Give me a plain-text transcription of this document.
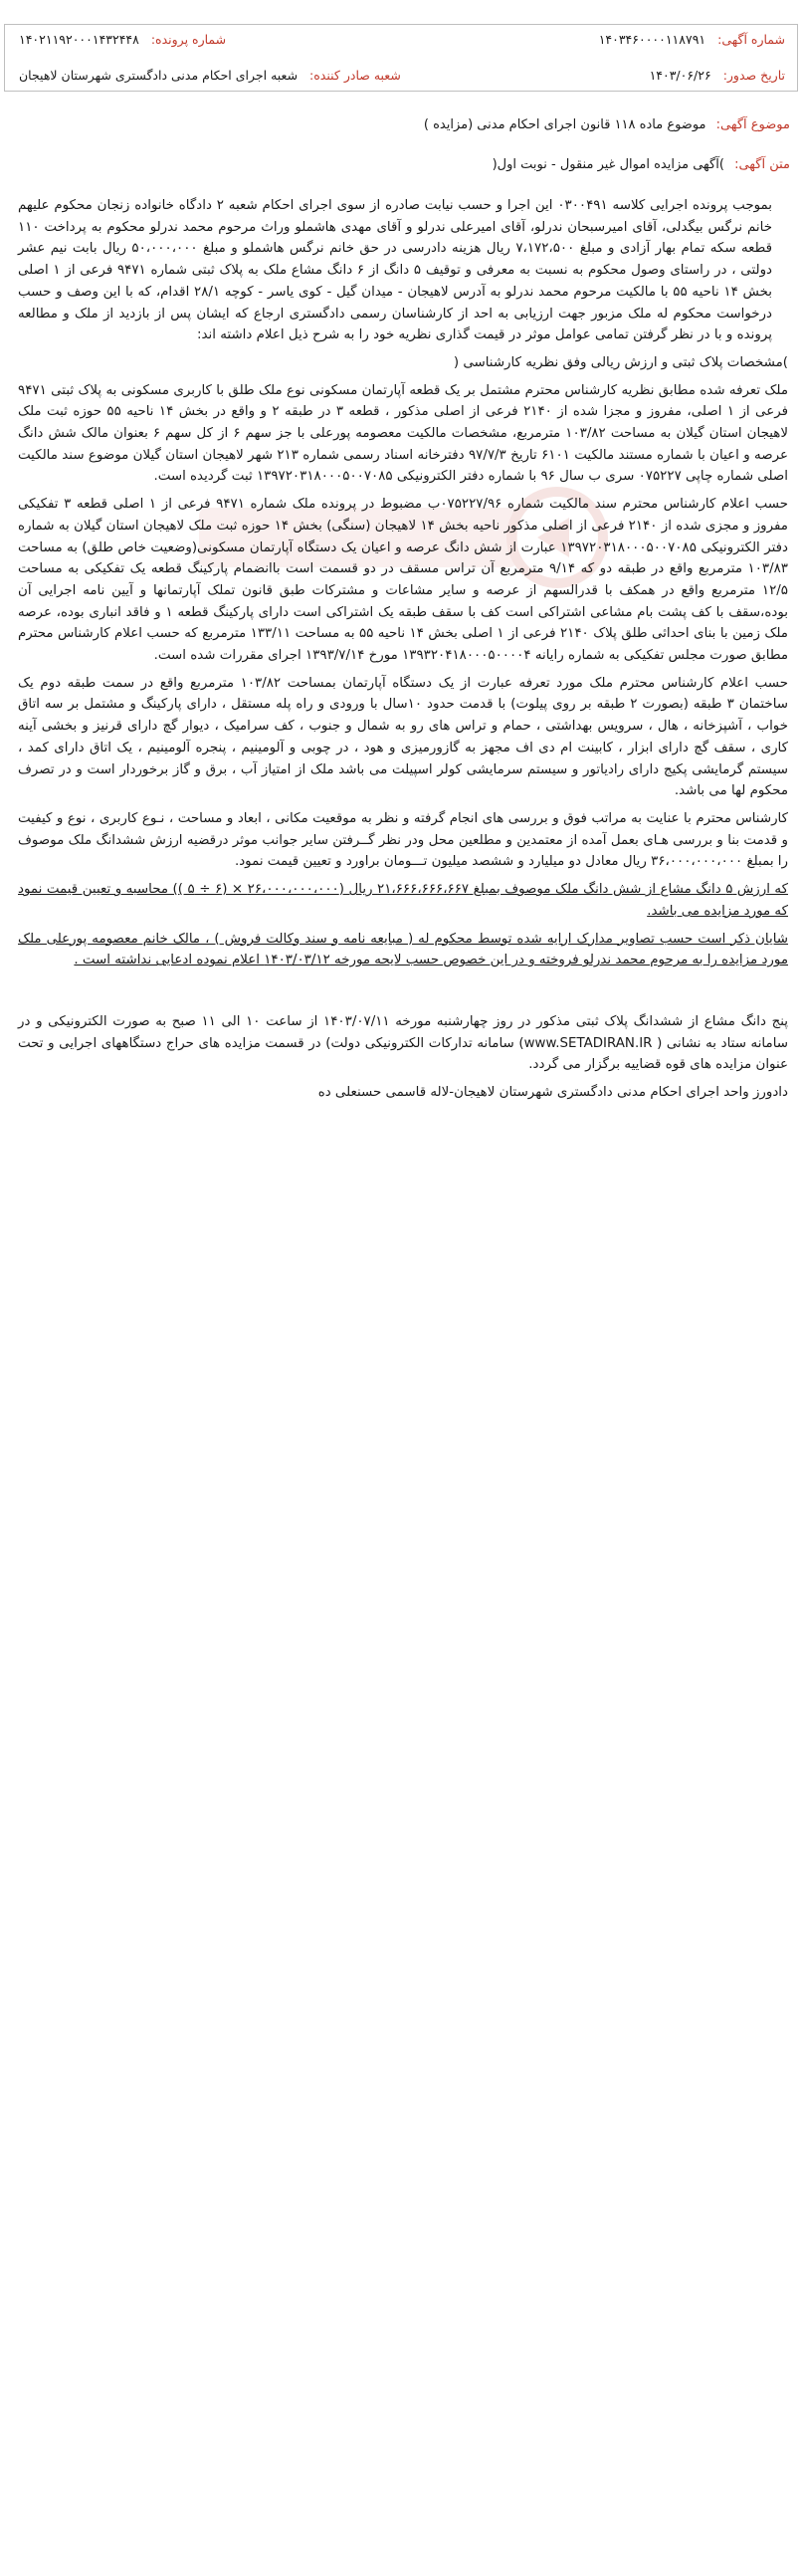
شماره آگهی: ۱۴۰۳۴۶۰۰۰۰۱۱۸۷۹۱
شماره پرونده: ۱۴۰۲۱۱۹۲۰۰۰۱۴۳۲۴۴۸
تاریخ صدور: ۱۴۰۳/۰۶/۲۶
شعبه صادر کننده: شعبه اجرای احکام مدنی دادگستری شهرستان لاهیجان
موضوع آگهی: موضوع ماده ۱۱۸ قانون اجرای احکام مدنی (مزایده )
متن آگهی: )آگهی مزایده اموال غیر منقول - نوبت اول(

بموجب پرونده اجرایی کلاسه ۰۳۰۰۴۹۱ این اجرا و حسب نیابت صادره از سوی اجرای احکام شعبه ۲ دادگاه خانواده زنجان محکوم علیهم خانم نرگس بیگدلی، آقای امیرسبحان ندرلو، آقای امیرعلی ندرلو و آقای مهدی هاشملو وراث مرحوم محمد ندرلو محکوم به پرداخت ۱۱۰ قطعه سکه تمام بهار آزادی و مبلغ ۷،۱۷۲،۵۰۰ ریال هزینه دادرسی در حق خانم نرگس هاشملو و مبلغ ۵۰،۰۰۰،۰۰۰ ریال بابت نیم عشر دولتی ، در راستای وصول محکوم به نسبت به معرفی و توقیف ۵ دانگ از ۶ دانگ مشاع ملک به پلاک ثبتی شماره ۹۴۷۱ فرعی از ۱ اصلی بخش ۱۴ ناحیه ۵۵ با مالکیت مرحوم محمد ندرلو به آدرس لاهیجان - میدان گیل - کوی یاسر - کوچه ۲۸/۱ اقدام، که با این وصف و حسب درخواست محکوم له ملک مزبور جهت ارزیابی به احد از کارشناسان رسمی دادگستری ارجاع که ایشان پس از بازدید از ملک و مطالعه پرونده و با در نظر گرفتن تمامی عوامل موثر در قیمت گذاری نظریه خود را به شرح ذیل اعلام داشته اند:

)مشخصات پلاک ثبتی و ارزش ریالی وفق نظریه کارشناسی (

ملک تعرفه شده مطابق نظریه کارشناس محترم مشتمل بر یک قطعه آپارتمان مسکونی نوع ملک طلق با کاربری مسکونی به پلاک ثبتی ۹۴۷۱ فرعی از ۱ اصلی، مفروز و مجزا شده از ۲۱۴۰ فرعی از اصلی مذکور ، قطعه ۳ در طبقه ۲ و واقع در بخش ۱۴ ناحیه ۵۵ حوزه ثبت ملک لاهیجان استان گیلان به مساحت ۱۰۳/۸۲ مترمربع، مشخصات مالکیت معصومه پورعلی با جز سهم ۶ از کل سهم ۶ بعنوان مالک شش دانگ عرصه و اعیان با شماره مستند مالکیت ۶۱۰۱ تاریخ ۹۷/۷/۳ دفترخانه اسناد رسمی شماره ۲۱۳ شهر لاهیجان استان گیلان موضوع سند مالکیت اصلی شماره چاپی ۰۷۵۲۲۷ سری ب سال ۹۶ با شماره دفتر الکترونیکی ۱۳۹۷۲۰۳۱۸۰۰۰۵۰۰۷۰۸۵ ثبت گردیده است.

حسب اعلام کارشناس محترم سند مالکیت شماره ۰۷۵۲۲۷/۹۶ب مضبوط در پرونده ملک شماره ۹۴۷۱ فرعی از ۱ اصلی قطعه ۳ تفکیکی مفروز و مجزی شده از ۲۱۴۰ فرعی از اصلی مذکور ناحیه بخش ۱۴ لاهیجان (سنگی) بخش ۱۴ حوزه ثبت ملک لاهیجان استان گیلان به شماره دفتر الکترونیکی ۱۳۹۷۲۰۳۱۸۰۰۰۵۰۰۷۰۸۵ عبارت از شش دانگ عرصه و اعیان یک دستگاه آپارتمان مسکونی(وضعیت خاص طلق) به مساحت ۱۰۳/۸۳ مترمربع واقع در طبقه دو که ۹/۱۴ مترمربع آن تراس مسقف در دو قسمت است باانضمام پارکینگ قطعه یک تفکیکی به مساحت ۱۲/۵ مترمربع واقع در همکف با قدرالسهم از عرصه و سایر مشاعات و مشترکات طبق قانون تملک آپارتمانها و آیین نامه اجرایی آن بوده،سقف با کف پشت بام مشاعی اشتراکی است کف با سقف طبقه یک اشتراکی است دارای پارکینگ قطعه ۱ و فاقد انباری بوده، عرصه ملک زمین با بنای احداثی طلق پلاک ۲۱۴۰ فرعی از ۱ اصلی بخش ۱۴ ناحیه ۵۵ به مساحت ۱۳۳/۱۱ مترمربع که حسب اعلام کارشناس محترم مطابق صورت مجلس تفکیکی به شماره رایانه ۱۳۹۳۲۰۴۱۸۰۰۰۵۰۰۰۰۴ مورخ ۱۳۹۳/۷/۱۴ اجرای مقررات شده است.

حسب اعلام کارشناس محترم ملک مورد تعرفه عبارت از یک دستگاه آپارتمان بمساحت ۱۰۳/۸۲ مترمربع واقع در سمت طبقه دوم یک ساختمان ۳ طبقه (بصورت ۲ طبقه بر روی پیلوت) با قدمت حدود ۱۰سال با ورودی و راه پله مستقل ، دارای پارکینگ و مشتمل بر سه اتاق خواب ، آشپزخانه ، هال ، سرویس بهداشتی ، حمام و تراس های رو به شمال و جنوب ، کف سرامیک ، دیوار گچ دارای قرنیز و بخشی آینه کاری ، سقف گچ دارای ابزار ، کابینت ام دی اف مجهز به گازورمیزی و هود ، در چوبی و آلومینیم ، پنجره آلومینیم ، یک اتاق دارای کمد ، سیستم گرمایشی پکیج دارای رادیاتور و سیستم سرمایشی کولر اسپیلت می باشد ملک از امتیاز آب ، برق و گاز برخوردار است و در تصرف محکوم لها می باشد.

کارشناس محترم با عنایت به مراتب فوق و بررسی های انجام گرفته و نظر به موقعیت مکانی ، ابعاد و مساحت ، نـوع کاربری ، نوع و کیفیت و قدمت بنا و بررسی هـای بعمل آمده از معتمدین و مطلعین محل ودر نظر گــرفتن سایر جوانب موثر درقضیه ارزش ششدانگ ملک موصوف را بمبلغ ۳۶،۰۰۰،۰۰۰،۰۰۰ ریال معادل دو میلیارد و ششصد میلیون تـــومان براورد و تعیین قیمت نمود.

که ارزش ۵ دانگ مشاع از شش دانگ ملک موصوف بمبلغ ۲۱،۶۶۶،۶۶۶،۶۶۷ ریال (۲۶،۰۰۰،۰۰۰،۰۰۰ × (۶ ÷ ۵ )) محاسبه و تعیین قیمت نمود که مورد مزایده می باشد.

شایان ذکر است حسب تصاویر مدارک ارایه شده توسط محکوم له ( مبایعه نامه و سند وکالت فروش ) ، مالک خانم معصومه پورعلی ملک مورد مزایده را به مرحوم محمد ندرلو فروخته و در این خصوص حسب لایحه مورخه ۱۴۰۳/۰۳/۱۲ اعلام نموده ادعایی نداشته است .

پنج دانگ مشاع از ششدانگ پلاک ثبتی مذکور در روز چهارشنبه مورخه ۱۴۰۳/۰۷/۱۱ از ساعت ۱۰ الی ۱۱ صبح به صورت الکترونیکی و در سامانه ستاد به نشانی ( www.SETADIRAN.IR) سامانه تدارکات الکترونیکی دولت) در قسمت مزایده های حراج دستگاههای اجرایی و تحت عنوان مزایده های قوه قضاییه برگزار می گردد.

دادورز واحد اجرای احکام مدنی دادگستری شهرستان لاهیجان-لاله قاسمی حسنعلی ده
